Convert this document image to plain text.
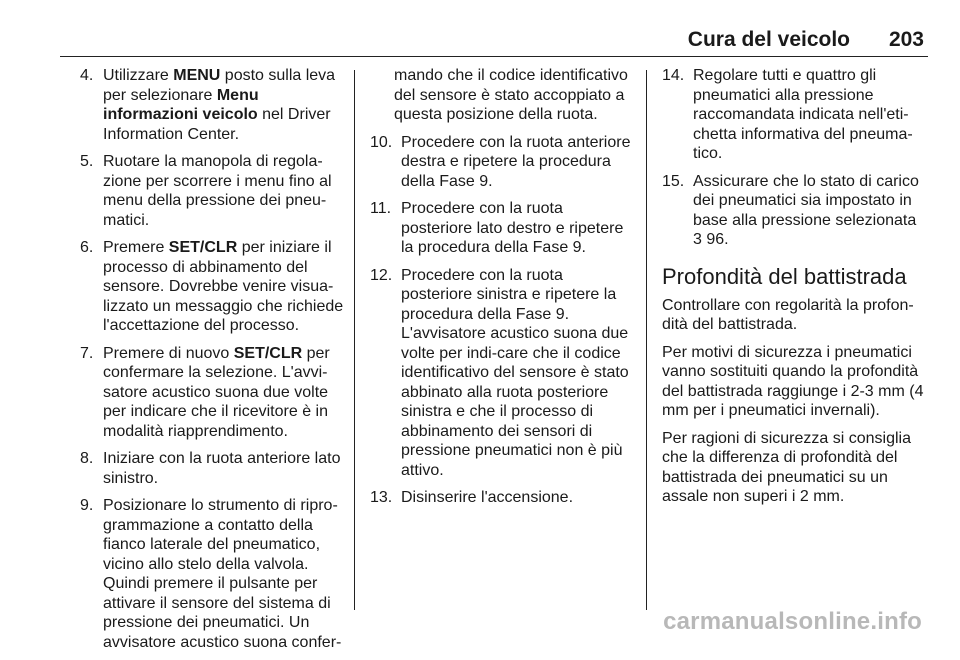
Cura del veicolo 203
4. Utilizzare MENU posto sulla leva per selezionare Menu informazioni veicolo nel Driver Information Center.
5. Ruotare la manopola di regola-zione per scorrere i menu fino al menu della pressione dei pneu-matici.
6. Premere SET/CLR per iniziare il processo di abbinamento del sensore. Dovrebbe venire visua-lizzato un messaggio che richiede l'accettazione del processo.
7. Premere di nuovo SET/CLR per confermare la selezione. L'avvi-satore acustico suona due volte per indicare che il ricevitore è in modalità riapprendimento.
8. Iniziare con la ruota anteriore lato sinistro.
9. Posizionare lo strumento di ripro-grammazione a contatto della fianco laterale del pneumatico, vicino allo stelo della valvola. Quindi premere il pulsante per attivare il sensore del sistema di pressione dei pneumatici. Un avvisatore acustico suona confer-

mando che il codice identificativo del sensore è stato accoppiato a questa posizione della ruota.

10. Procedere con la ruota anteriore destra e ripetere la procedura della Fase 9.
11. Procedere con la ruota posteriore lato destro e ripetere la procedura della Fase 9.
12. Procedere con la ruota posteriore sinistra e ripetere la procedura della Fase 9. L'avvisatore acustico suona due volte per indi-care che il codice identificativo del sensore è stato abbinato alla ruota posteriore sinistra e che il processo di abbinamento dei sensori di pressione pneumatici non è più attivo.
13. Disinserire l'accensione.
14. Regolare tutti e quattro gli pneumatici alla pressione raccomandata indicata nell'eti-chetta informativa del pneuma-tico.
15. Assicurare che lo stato di carico dei pneumatici sia impostato in base alla pressione selezionata
3 96.
Profondità del battistrada

Controllare con regolarità la profon-dità del battistrada.

Per motivi di sicurezza i pneumatici vanno sostituiti quando la profondità del battistrada raggiunge i 2-3 mm (4 mm per i pneumatici invernali).

Per ragioni di sicurezza si consiglia che la differenza di profondità del battistrada dei pneumatici su un assale non superi i 2 mm.

carmanualsonline.info
